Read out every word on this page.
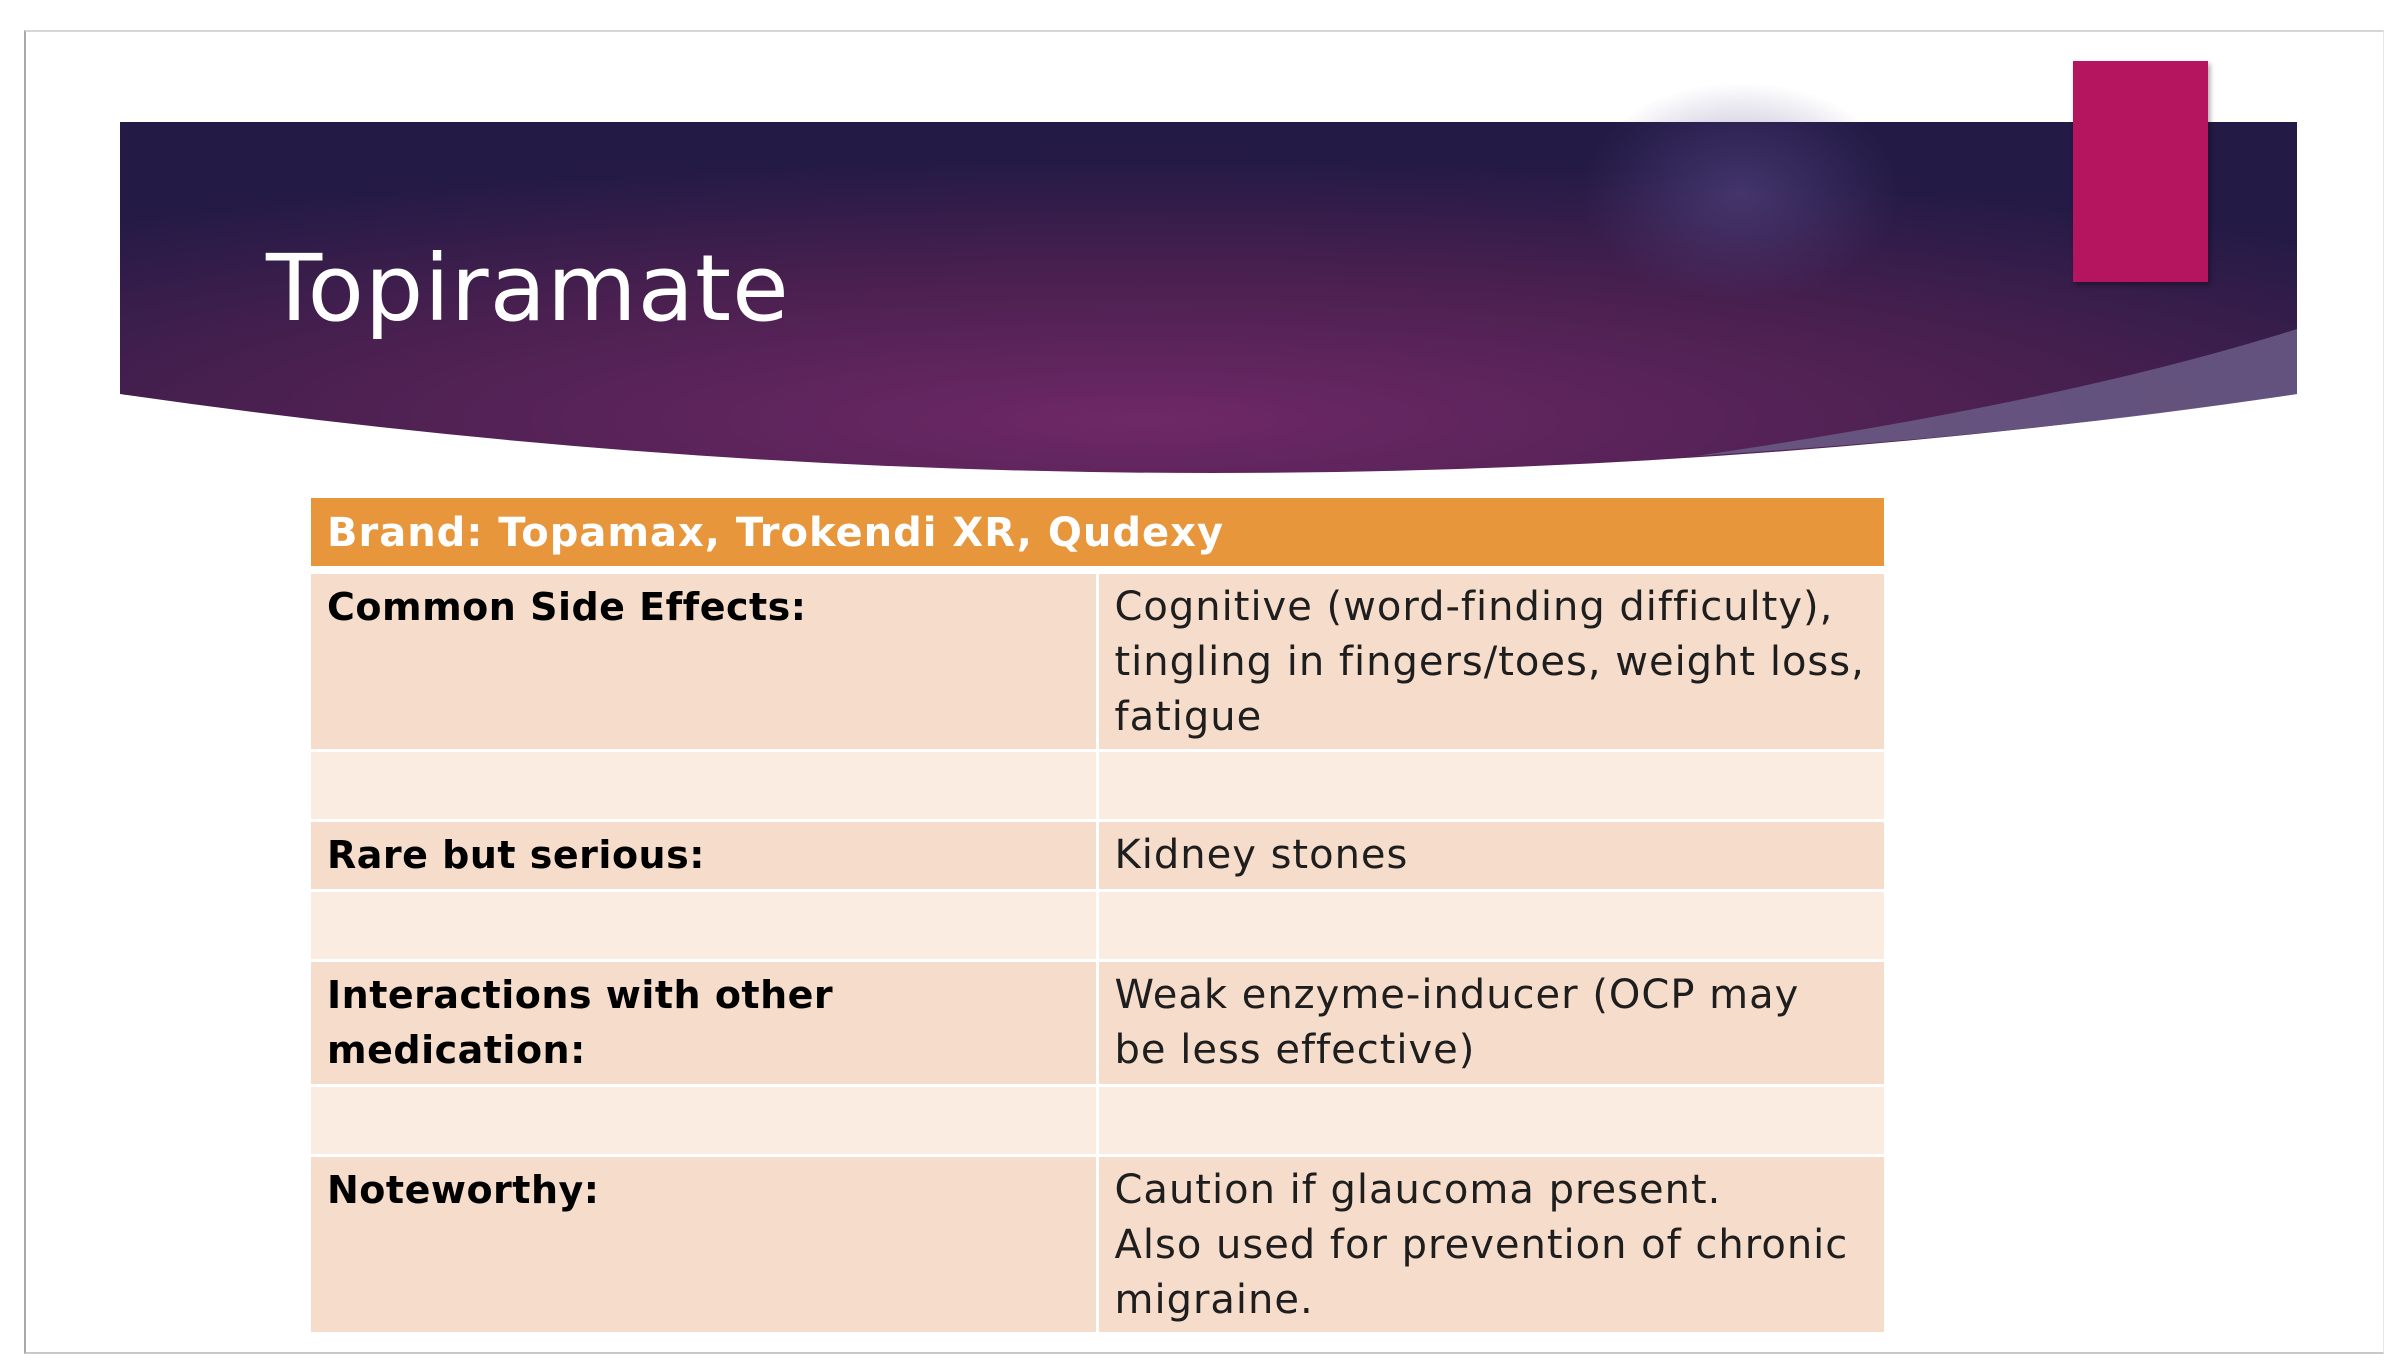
Topiramate
Brand: Topamax, Trokendi XR, Qudexy	
Common Side Effects:	Cognitive (word-finding difficulty),
tingling in fingers/toes, weight loss,
fatigue

Rare but serious:	Kidney stones

Interactions with other medication:	Weak enzyme-inducer (OCP may
be less effective)

Noteworthy:	Caution if glaucoma present.
Also used for prevention of chronic
migraine.
